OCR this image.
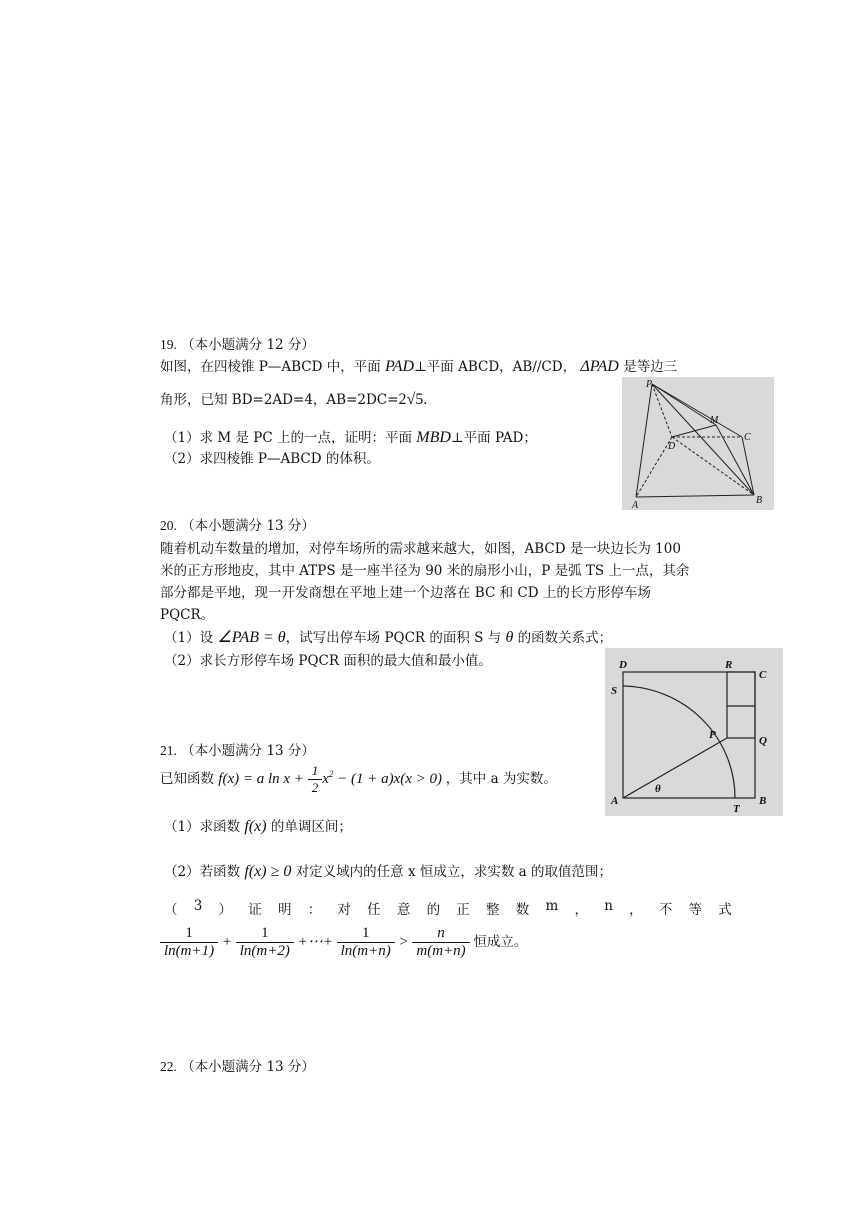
19. （本小题满分 12 分）
如图，在四棱锥 P—ABCD 中，平面 PAD⊥平面 ABCD，AB//CD， ΔPAD 是等边三
角形，已知 BD=2AD=4，AB=2DC=2√5.
（1）求 M 是 PC 上的一点，证明：平面 MBD⊥平面 PAD；
（2）求四棱锥 P—ABCD 的体积。
P
M
C
D
A	B
20. （本小题满分 13 分）
随着机动车数量的增加，对停车场所的需求越来越大，如图，ABCD 是一块边长为 100
米的正方形地皮，其中 ATPS 是一座半径为 90 米的扇形小山，P 是弧 TS 上一点，其余
部分都是平地，现一开发商想在平地上建一个边落在 BC 和 CD 上的长方形停车场
PQCR。
（1）设 ∠PAB = θ，试写出停车场 PQCR 的面积 S 与 θ 的函数关系式；
（2）求长方形停车场 PQCR 面积的最大值和最小值。	D	R
C
S
P	Q
A
θ
T
B
21. （本小题满分 13 分）
已知函数 f(x) = a $\ln x + \frac{1}{2} x^2 - (1 + a)x(x > 0)$ ，其中 a 为实数。
（1）求函数 f(x) 的单调区间；
（2）若函数 f(x) ≥ 0 对定义域内的任意 x 恒成立，求实数 a 的取值范围；
（ 3 ） 证 明 ： 对 任 意 的 正 整 数 m ， n ， 不 等 式
$\frac{1}{\ln(m+1)} + \frac{1}{\ln(m+2)}$ +⋯+ $\frac{1}{\ln(m+n)} > \frac{n}{m(m+n)}$ 恒成立。
22. （本小题满分 13 分）
